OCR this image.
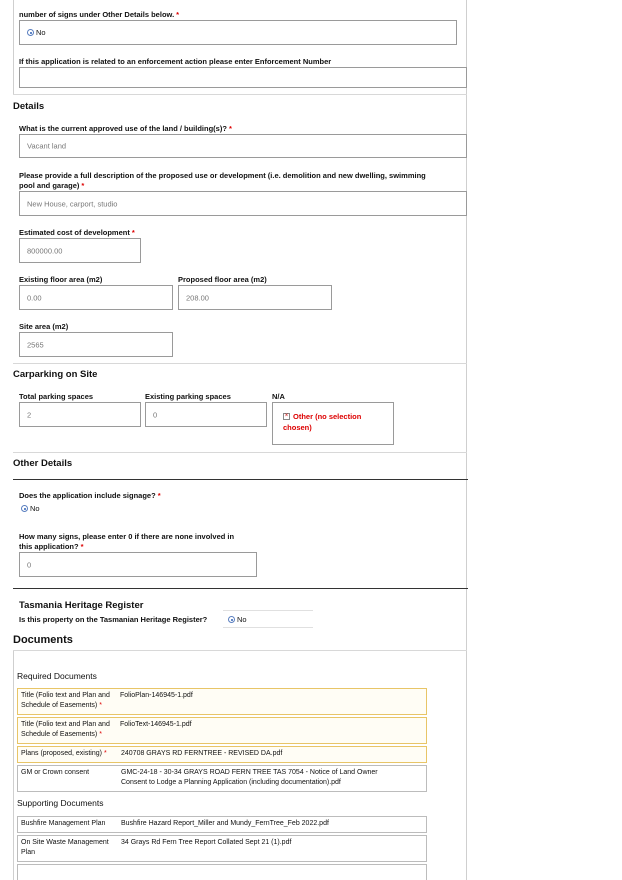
number of signs under Other Details below. *
No
If this application is related to an enforcement action please enter Enforcement Number
Details
What is the current approved use of the land / building(s)? *
Vacant land
Please provide a full description of the proposed use or development (i.e. demolition and new dwelling, swimming
pool and garage) *
New House, carport, studio
Estimated cost of development *
800000.00
Existing floor area (m2)
0.00
Proposed floor area (m2)
208.00
Site area (m2)
2565
Carparking on Site
Total parking spaces
2
Existing parking spaces
0
N/A
× Other (no selection
chosen)
Other Details
Does the application include signage? *
No
How many signs, please enter 0 if there are none involved in
this application? *
0
Tasmania Heritage Register
Is this property on the Tasmanian Heritage Register?	No
Documents
Required Documents
Title (Folio text and Plan and
Schedule of Easements) *
FolioPlan-146945-1.pdf
Title (Folio text and Plan and
Schedule of Easements) *
FolioText-146945-1.pdf
Plans (proposed, existing) * 240708 GRAYS RD FERNTREE - REVISED DA.pdf
GM or Crown consent	GMC-24-18 - 30-34 GRAYS ROAD FERN TREE TAS 7054 - Notice of Land Owner
Consent to Lodge a Planning Application (including documentation).pdf
Supporting Documents
Bushfire Management Plan Bushfire Hazard Report_Miller and Mundy_FernTree_Feb 2022.pdf
On Site Waste Management
Plan
34 Grays Rd Fern Tree Report Collated Sept 21 (1).pdf
